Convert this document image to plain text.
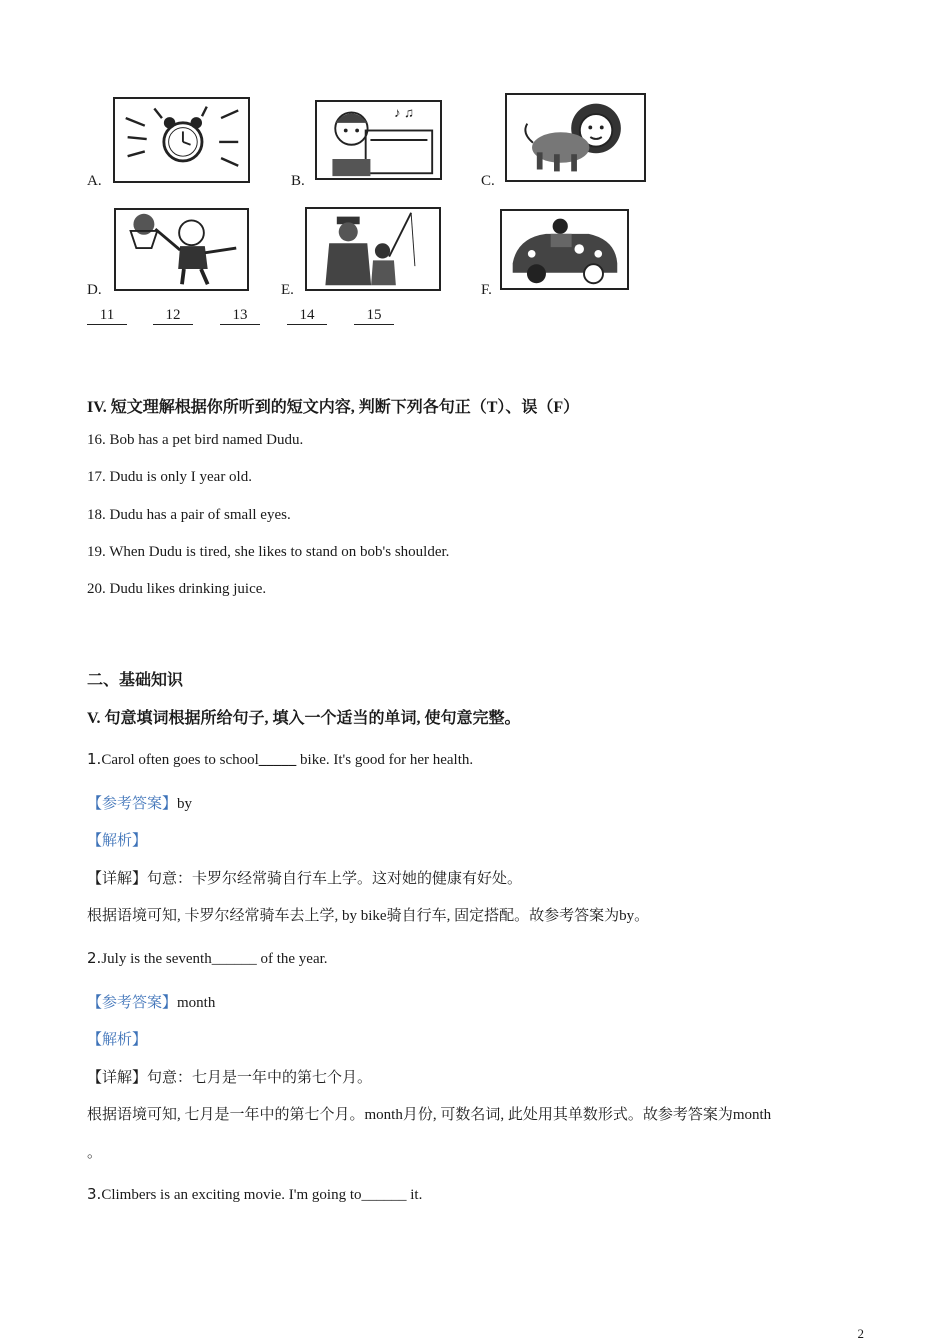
A.	B.
♪ ♫
C.
D.	E.	F.
11	12	13	14	15
IV. 短文理解根据你所听到的短文内容, 判断下列各句正（T）、误（F）
16. Bob has a pet bird named Dudu.
17. Dudu is only I year old.
18. Dudu has a pair of small eyes.
19. When Dudu is tired, she likes to stand on bob's shoulder.
20. Dudu likes drinking juice.
二、基础知识
V. 句意填词根据所给句子, 填入一个适当的单词, 使句意完整。
1.Carol often goes to school_____ bike. It's good for her health.
【参考答案】by
【解析】
【详解】句意：卡罗尔经常骑自行车上学。这对她的健康有好处。
根据语境可知, 卡罗尔经常骑车去上学, by bike骑自行车, 固定搭配。故参考答案为by。
2.July is the seventh______ of the year.
【参考答案】month
【解析】
【详解】句意：七月是一年中的第七个月。
根据语境可知, 七月是一年中的第七个月。month月份, 可数名词, 此处用其单数形式。故参考答案为month
。
3.Climbers is an exciting movie. I'm going to______ it.
2
